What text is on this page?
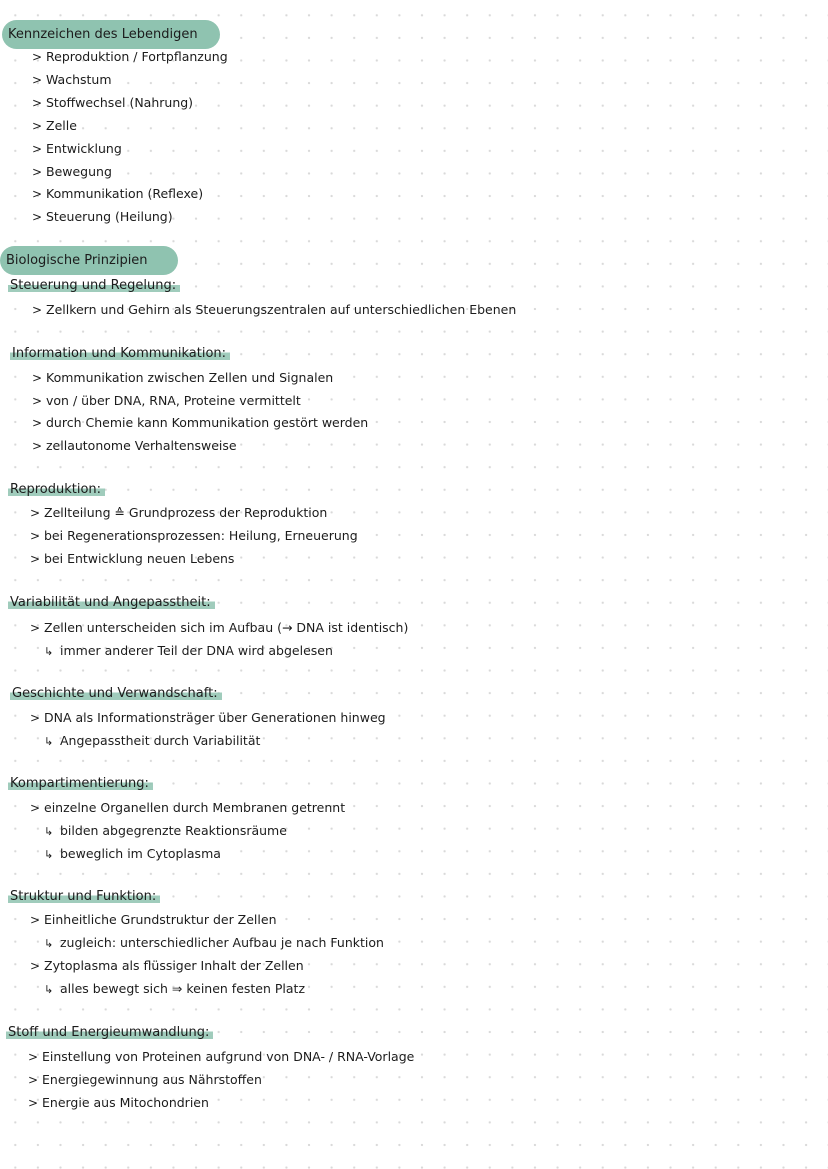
Kennzeichen des Lebendigen
> Reproduktion / Fortpflanzung
> Wachstum
> Stoffwechsel (Nahrung)
> Zelle
> Entwicklung
> Bewegung
> Kommunikation (Reflexe)
> Steuerung (Heilung)
Biologische Prinzipien
Steuerung und Regelung:
> Zellkern und Gehirn als Steuerungszentralen auf unterschiedlichen Ebenen
Information und Kommunikation:
> Kommunikation zwischen Zellen und Signalen
> von / über DNA, RNA, Proteine vermittelt
> durch Chemie kann Kommunikation gestört werden
> zellautonome Verhaltensweise
Reproduktion:
> Zellteilung ≙ Grundprozess der Reproduktion
> bei Regenerationsprozessen: Heilung, Erneuerung
> bei Entwicklung neuen Lebens
Variabilität und Angepasstheit:
> Zellen unterscheiden sich im Aufbau (→ DNA ist identisch)
↳ immer anderer Teil der DNA wird abgelesen
Geschichte und Verwandschaft:
> DNA als Informationsträger über Generationen hinweg
↳ Angepasstheit durch Variabilität
Kompartimentierung:
> einzelne Organellen durch Membranen getrennt
↳ bilden abgegrenzte Reaktionsräume
↳ beweglich im Cytoplasma
Struktur und Funktion:
> Einheitliche Grundstruktur der Zellen
↳ zugleich: unterschiedlicher Aufbau je nach Funktion
> Zytoplasma als flüssiger Inhalt der Zellen
↳ alles bewegt sich ⇒ keinen festen Platz
Stoff und Energieumwandlung:
> Einstellung von Proteinen aufgrund von DNA- / RNA-Vorlage
> Energiegewinnung aus Nährstoffen
> Energie aus Mitochondrien
